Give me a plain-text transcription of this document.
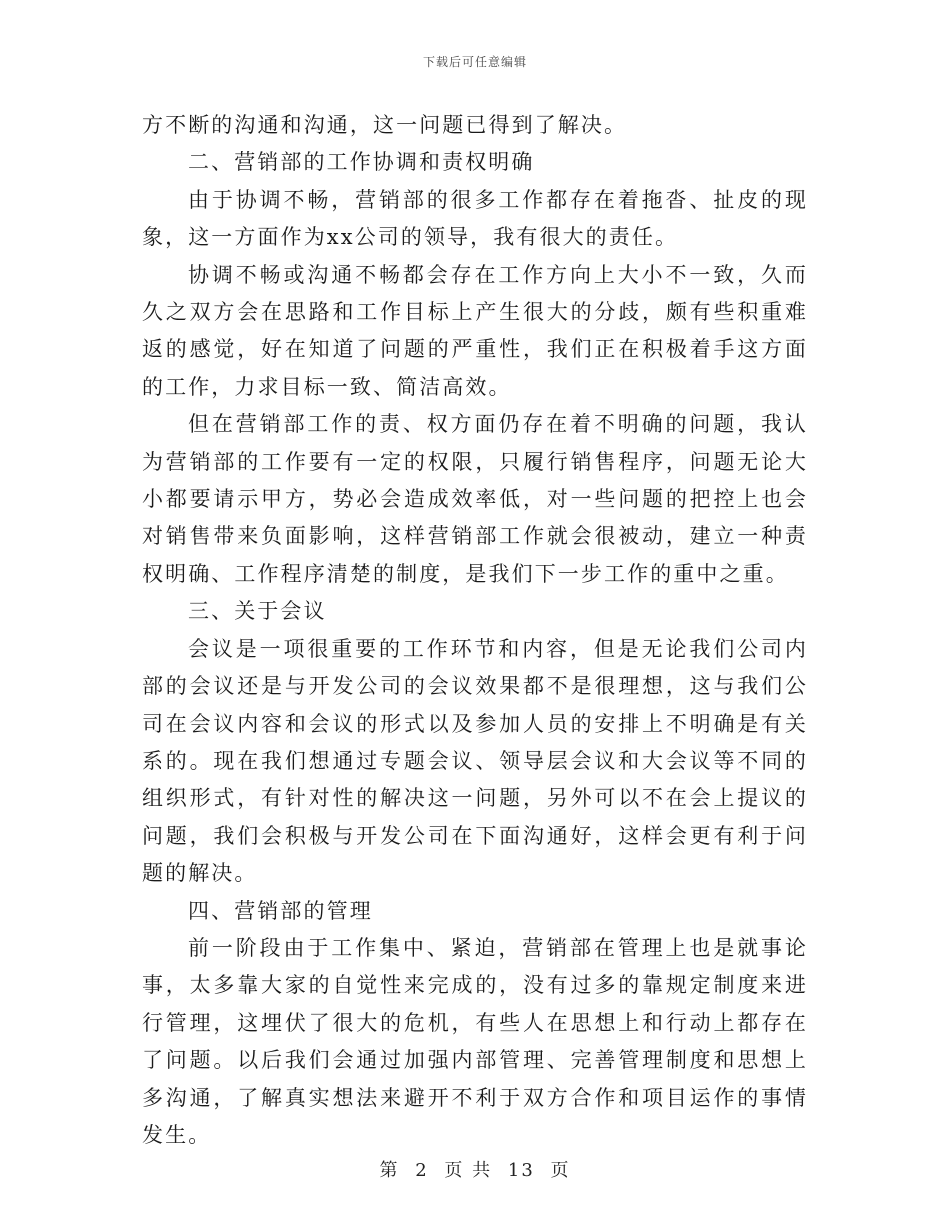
下载后可任意编辑

方不断的沟通和沟通，这一问题已得到了解决。

二、营销部的工作协调和责权明确

由于协调不畅，营销部的很多工作都存在着拖沓、扯皮的现象，这一方面作为xx公司的领导，我有很大的责任。

协调不畅或沟通不畅都会存在工作方向上大小不一致，久而久之双方会在思路和工作目标上产生很大的分歧，颇有些积重难返的感觉，好在知道了问题的严重性，我们正在积极着手这方面的工作，力求目标一致、简洁高效。

但在营销部工作的责、权方面仍存在着不明确的问题，我认为营销部的工作要有一定的权限，只履行销售程序，问题无论大小都要请示甲方，势必会造成效率低，对一些问题的把控上也会对销售带来负面影响，这样营销部工作就会很被动，建立一种责权明确、工作程序清楚的制度，是我们下一步工作的重中之重。

三、关于会议

会议是一项很重要的工作环节和内容，但是无论我们公司内部的会议还是与开发公司的会议效果都不是很理想，这与我们公司在会议内容和会议的形式以及参加人员的安排上不明确是有关系的。现在我们想通过专题会议、领导层会议和大会议等不同的组织形式，有针对性的解决这一问题，另外可以不在会上提议的问题，我们会积极与开发公司在下面沟通好，这样会更有利于问题的解决。

四、营销部的管理

前一阶段由于工作集中、紧迫，营销部在管理上也是就事论事，太多靠大家的自觉性来完成的，没有过多的靠规定制度来进行管理，这埋伏了很大的危机，有些人在思想上和行动上都存在了问题。以后我们会通过加强内部管理、完善管理制度和思想上多沟通，了解真实想法来避开不利于双方合作和项目运作的事情发生。

第 2 页 共 13 页
